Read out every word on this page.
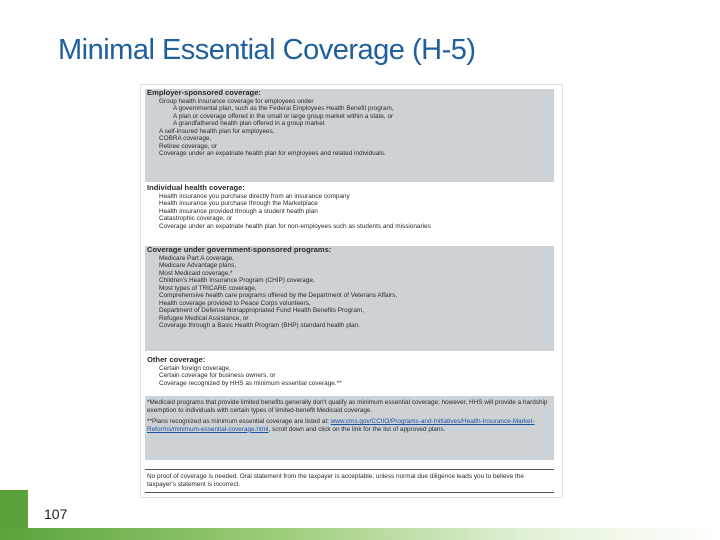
Minimal Essential Coverage (H-5)
Employer-sponsored coverage:
Group health insurance coverage for employees under
A governmental plan, such as the Federal Employees Health Benefit program,
A plan or coverage offered in the small or large group market within a state, or
A grandfathered health plan offered in a group market
A self-insured health plan for employees,
COBRA coverage,
Retiree coverage, or
Coverage under an expatriate health plan for employees and related individuals.
Individual health coverage:
Health insurance you purchase directly from an insurance company
Health insurance you purchase through the Marketplace
Health insurance provided through a student health plan
Catastrophic coverage, or
Coverage under an expatriate health plan for non-employees such as students and missionaries
Coverage under government-sponsored programs:
Medicare Part A coverage,
Medicare Advantage plans,
Most Medicaid coverage,*
Children's Health Insurance Program (CHIP) coverage,
Most types of TRICARE coverage,
Comprehensive health care programs offered by the Department of Veterans Affairs,
Health coverage provided to Peace Corps volunteers,
Department of Defense Nonappropriated Fund Health Benefits Program,
Refugee Medical Assistance, or
Coverage through a Basic Health Program (BHP) standard health plan.
Other coverage:
Certain foreign coverage,
Certain coverage for business owners, or
Coverage recognized by HHS as minimum essential coverage.**
*Medicaid programs that provide limited benefits generally don't qualify as minimum essential coverage; however, HHS will provide a hardship exemption to individuals with certain types of limited-benefit Medicaid coverage.
**Plans recognized as minimum essential coverage are listed at: www.cms.gov/CCIIO/Programs-and-Initiatives/Health-Insurance-Market-Reforms/minimum-essential-coverage.html, scroll down and click on the link for the list of approved plans.
No proof of coverage is needed. Oral statement from the taxpayer is acceptable, unless normal due diligence leads you to believe the taxpayer's statement is incorrect.
107
